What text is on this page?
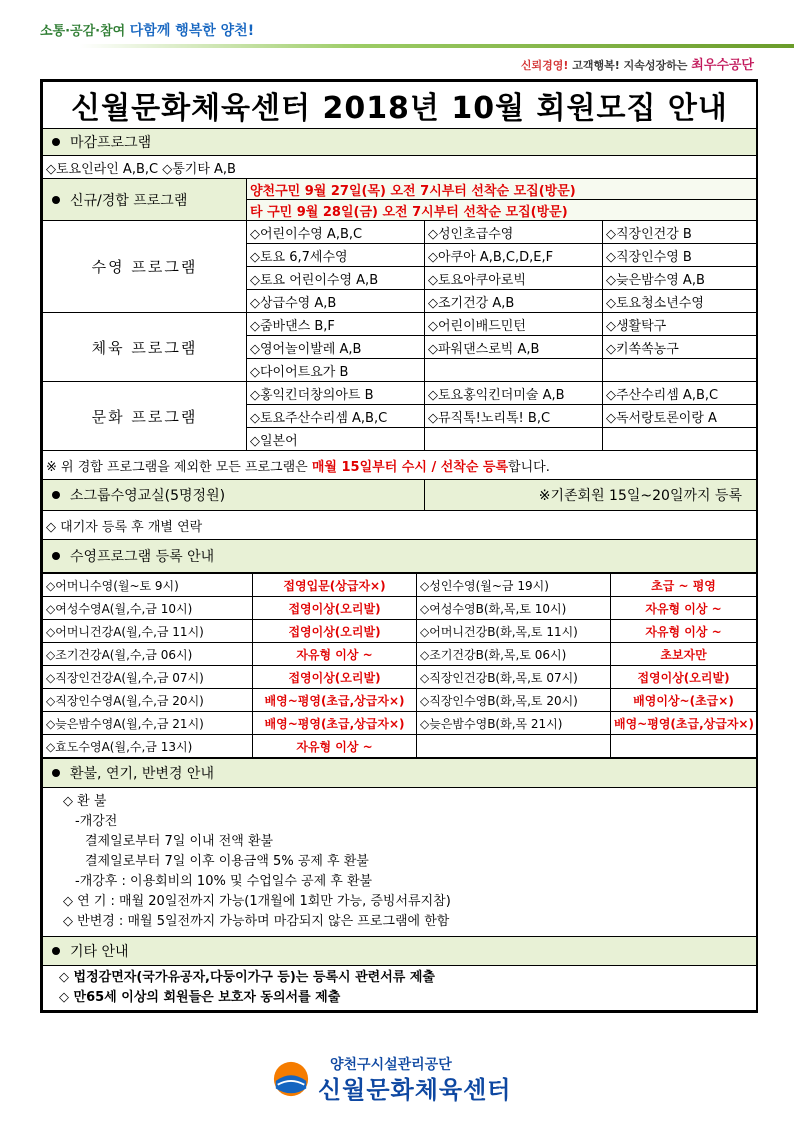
소통·공감·참여 다함께 행복한 양천!
신뢰경영! 고객행복! 지속성장하는 최우수공단
신월문화체육센터 2018년 10월 회원모집 안내			
마감프로그램			
◇토요인라인 A,B,C ◇통기타 A,B			
신규/경합 프로그램	양천구민 9월 27일(목) 오전 7시부터 선착순 모집(방문)		
	타 구민 9월 28일(금) 오전 7시부터 선착순 모집(방문)		
수영 프로그램	◇어린이수영 A,B,C	◇성인초급수영	◇직장인건강 B
	◇토요 6,7세수영	◇아쿠아 A,B,C,D,E,F	◇직장인수영 B
	◇토요 어린이수영 A,B	◇토요아쿠아로빅	◇늦은밤수영 A,B
	◇상급수영 A,B	◇조기건강 A,B	◇토요청소년수영
체육 프로그램	◇줌바댄스 B,F	◇어린이배드민턴	◇생활탁구
	◇영어놀이발레 A,B	◇파워댄스로빅 A,B	◇키쏙쏙농구
	◇다이어트요가 B		
문화 프로그램	◇홍익킨더창의아트 B	◇토요홍익킨더미술 A,B	◇주산수리셈 A,B,C
	◇토요주산수리셈 A,B,C	◇뮤직톡!노리톡! B,C	◇독서랑토론이랑 A
	◇일본어		
※ 위 경합 프로그램을 제외한 모든 프로그램은 매월 15일부터 수시 / 선착순 등록합니다.			
소그룹수영교실(5명정원)		※기존회원 15일~20일까지 등록	
◇ 대기자 등록 후 개별 연락			
수영프로그램 등록 안내			
◇어머니수영(월~토 9시)	접영입문(상급자×)	◇성인수영(월~금 19시)	초급 ~ 평영
◇여성수영A(월,수,금 10시)	접영이상(오리발)	◇여성수영B(화,목,토 10시)	자유형 이상 ~
◇어머니건강A(월,수,금 11시)	접영이상(오리발)	◇어머니건강B(화,목,토 11시)	자유형 이상 ~
◇조기건강A(월,수,금 06시)	자유형 이상 ~	◇조기건강B(화,목,토 06시)	초보자만
◇직장인건강A(월,수,금 07시)	접영이상(오리발)	◇직장인건강B(화,목,토 07시)	접영이상(오리발)
◇직장인수영A(월,수,금 20시)	배영~평영(초급,상급자×)	◇직장인수영B(화,목,토 20시)	배영이상~(초급×)
◇늦은밤수영A(월,수,금 21시)	배영~평영(초급,상급자×)	◇늦은밤수영B(화,목 21시)	배영~평영(초급,상급자×)
◇효도수영A(월,수,금 13시)	자유형 이상 ~		
환불, 연기, 반변경 안내

◇ 환 불
-개강전
결제일로부터 7일 이내 전액 환불
결제일로부터 7일 이후 이용금액 5% 공제 후 환불
-개강후 : 이용회비의 10% 및 수업일수 공제 후 환불
◇ 연 기 : 매월 20일전까지 가능(1개월에 1회만 가능, 증빙서류지참)
◇ 반변경 : 매월 5일전까지 가능하며 마감되지 않은 프로그램에 한함

기타 안내

◇ 법정감면자(국가유공자,다둥이가구 등)는 등록시 관련서류 제출
◇ 만65세 이상의 회원들은 보호자 동의서를 제출
양천구시설관리공단
신월문화체육센터
